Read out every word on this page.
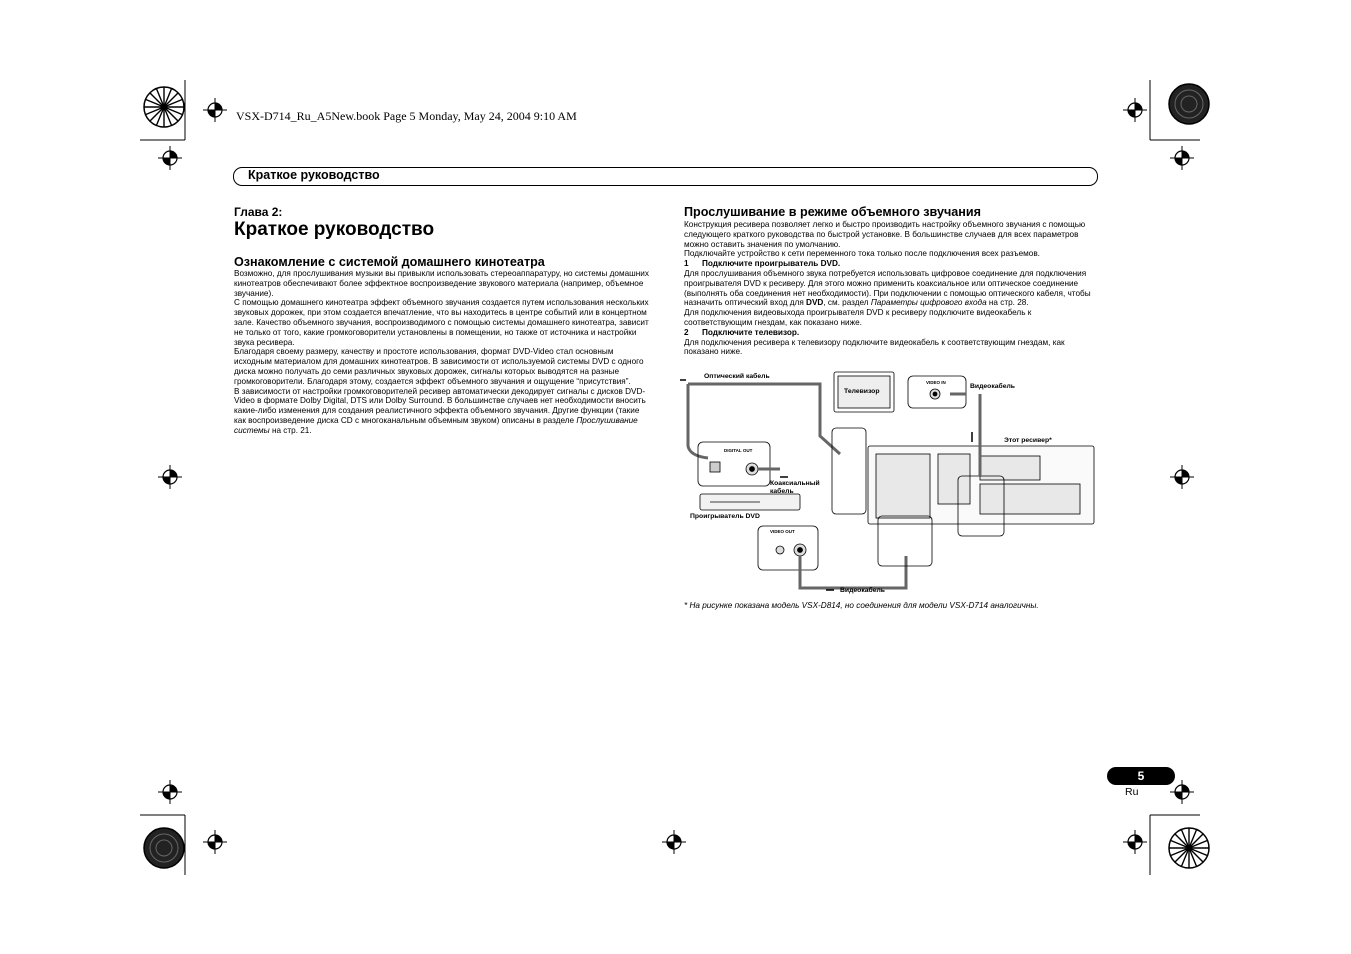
VSX-D714_Ru_A5New.book Page 5 Monday, May 24, 2004 9:10 AM
Краткое руководство
Глава 2:
Краткое руководство
Ознакомление с системой домашнего кинотеатра

Возможно, для прослушивания музыки вы привыкли использовать стереоаппаратуру, но системы домашних кинотеатров обеспечивают более эффектное воспроизведение звукового материала (например, объемное звучание).

С помощью домашнего кинотеатра эффект объемного звучания создается путем использования нескольких звуковых дорожек, при этом создается впечатление, что вы находитесь в центре событий или в концертном зале. Качество объемного звучания, воспроизводимого с помощью системы домашнего кинотеатра, зависит не только от того, какие громкоговорители установлены в помещении, но также от источника и настройки звука ресивера.

Благодаря своему размеру, качеству и простоте использования, формат DVD-Video стал основным исходным материалом для домашних кинотеатров. В зависимости от используемой системы DVD с одного диска можно получать до семи различных звуковых дорожек, сигналы которых выводятся на разные громкоговорители. Благодаря этому, создается эффект объемного звучания и ощущение “присутствия”.

В зависимости от настройки громкоговорителей ресивер автоматически декодирует сигналы с дисков DVD-Video в формате Dolby Digital, DTS или Dolby Surround. В большинстве случаев нет необходимости вносить какие-либо изменения для создания реалистичного эффекта объемного звучания. Другие функции (такие как воспроизведение диска CD с многоканальным объемным звуком) описаны в разделе Прослушивание системы на стр. 21.

Прослушивание в режиме объемного звучания

Конструкция ресивера позволяет легко и быстро производить настройку объемного звучания с помощью следующего краткого руководства по быстрой установке. В большинстве случаев для всех параметров можно оставить значения по умолчанию.

Подключайте устройство к сети переменного тока только после подключения всех разъемов.

1 Подключите проигрыватель DVD.

Для прослушивания объемного звука потребуется использовать цифровое соединение для подключения проигрывателя DVD к ресиверу. Для этого можно применить коаксиальное или оптическое соединение (выполнять оба соединения нет необходимости). При подключении с помощью оптического кабеля, чтобы назначить оптический вход для DVD, см. раздел Параметры цифрового входа на стр. 28.

Для подключения видеовыхода проигрывателя DVD к ресиверу подключите видеокабель к соответствующим гнездам, как показано ниже.

2 Подключите телевизор.

Для подключения ресивера к телевизору подключите видеокабель к соответствующим гнездам, как показано ниже.

Оптический кабель
Телевизор
VIDEO IN
Видеокабель
Этот ресивер*
DIGITAL OUT
Коаксиальный
кабель
Проигрыватель DVD
VIDEO OUT
Видеокабель
* На рисунке показана модель VSX-D814, но соединения для модели VSX-D714 аналогичны.
5
Ru
